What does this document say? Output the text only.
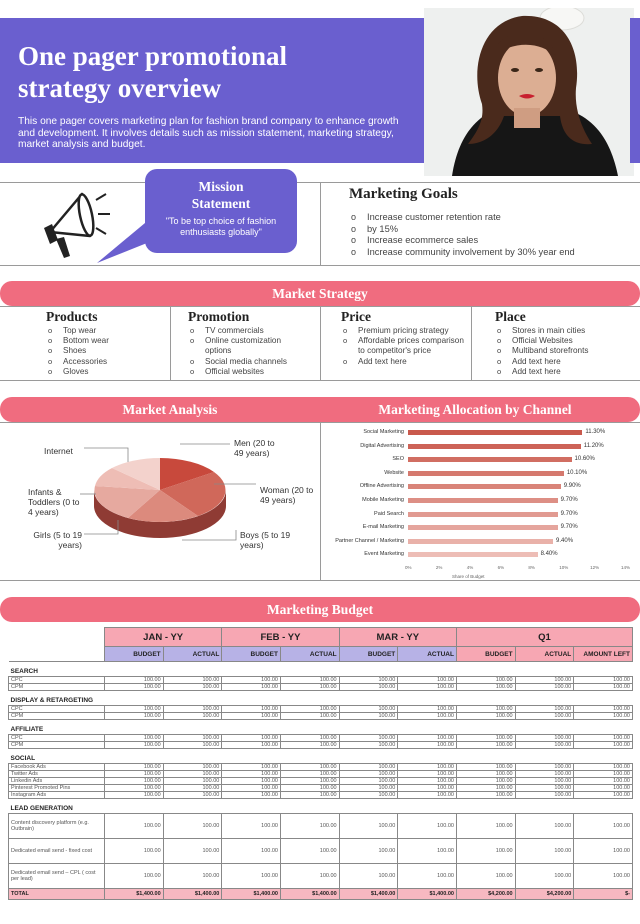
One pager promotional
strategy overview

This one pager covers marketing plan for fashion brand company to enhance growth and development. It involves details such as mission statement, marketing strategy, market analysis and budget.

Mission
Statement

"To be top choice of fashion enthusiasts globally"

Marketing Goals
o Increase customer retention rate
o by 15%
o Increase ecommerce sales
o Increase community involvement by 30% year end
Market Strategy
Products
o Top wear
o Bottom wear
o Shoes
o Accessories
o Gloves
Promotion
o TV commercials
o Online customization options
o Social media channels
o Official websites
Price
o Premium pricing strategy
o Affordable prices comparison to competitor's price
o Add text here
Place
o Stores in main cities
o Official Websites
o Multiband storefronts
o Add text here
o Add text here
Market Analysis	Marketing Allocation by Channel
Internet
Men (20 to 49 years)
Woman (20 to 49 years)
Infants & Toddlers (0 to 4 years)
Girls (5 to 19 years)
Boys (5 to 19 years)
Social Marketing	11.30%
Digital Advertising	11.20%
SEO	10.60%
Website	10.10%
Offline Advertising	9.90%
Mobile Marketing	9.70%
Paid Search	9.70%
E-mail Marketing	9.70%
Partner Channel / Marketing	9.40%
Event Marketing	8.40%
0%	2%	4%	6%	8%	10%	12%	14%
Share of Budget
Marketing Budget
	JAN - YY		FEB - YY		MAR - YY		Q1		
	BUDGET	ACTUAL	BUDGET	ACTUAL	BUDGET	ACTUAL	BUDGET	ACTUAL	AMOUNT LEFT
SEARCH									
CPC	100.00	100.00	100.00	100.00	100.00	100.00	100.00	100.00	100.00
CPM	100.00	100.00	100.00	100.00	100.00	100.00	100.00	100.00	100.00
DISPLAY & RETARGETING									
CPC	100.00	100.00	100.00	100.00	100.00	100.00	100.00	100.00	100.00
CPM	100.00	100.00	100.00	100.00	100.00	100.00	100.00	100.00	100.00
AFFILIATE									
CPC	100.00	100.00	100.00	100.00	100.00	100.00	100.00	100.00	100.00
CPM	100.00	100.00	100.00	100.00	100.00	100.00	100.00	100.00	100.00
SOCIAL									
Facebook Ads	100.00	100.00	100.00	100.00	100.00	100.00	100.00	100.00	100.00
Twitter Ads	100.00	100.00	100.00	100.00	100.00	100.00	100.00	100.00	100.00
Linkedin Ads	100.00	100.00	100.00	100.00	100.00	100.00	100.00	100.00	100.00
Pinterest Promoted Pins	100.00	100.00	100.00	100.00	100.00	100.00	100.00	100.00	100.00
Instagram Ads	100.00	100.00	100.00	100.00	100.00	100.00	100.00	100.00	100.00
LEAD GENERATION									
Content discovery platform (e.g. Outbrain)	100.00	100.00	100.00	100.00	100.00	100.00	100.00	100.00	100.00
Dedicated email send - fixed cost	100.00	100.00	100.00	100.00	100.00	100.00	100.00	100.00	100.00
Dedicated email send – CPL ( cost per lead)	100.00	100.00	100.00	100.00	100.00	100.00	100.00	100.00	100.00
TOTAL	$1,400.00	$1,400.00	$1,400.00	$1,400.00	$1,400.00	$1,400.00	$4,200.00	$4,200.00	$-
